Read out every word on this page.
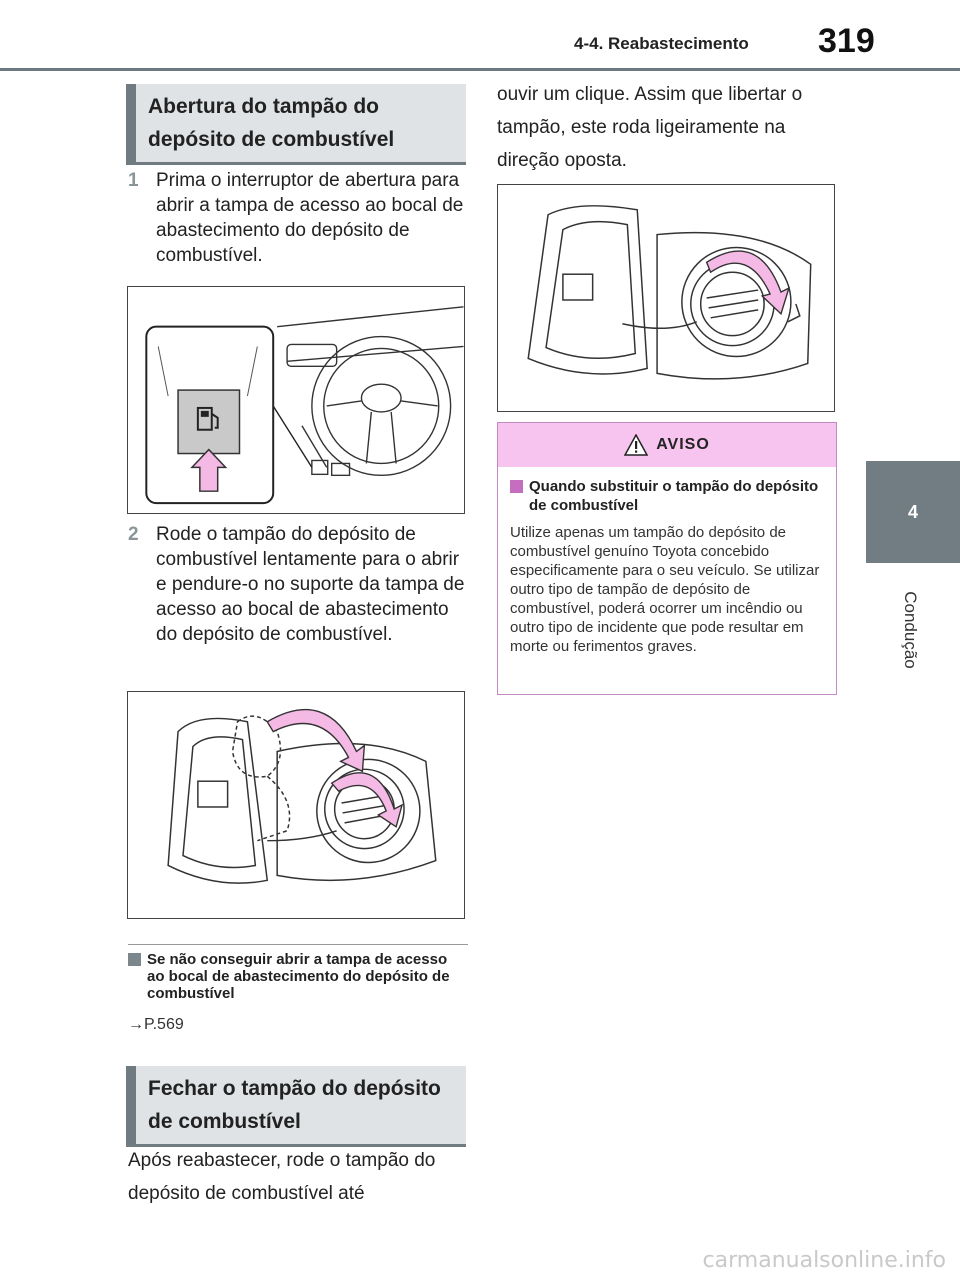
4-4. Reabastecimento 319
4
Condução
Abertura do tampão do depósito de combustível
1 Prima o interruptor de abertura para abrir a tampa de acesso ao bocal de abastecimento do depósito de combustível.
2 Rode o tampão do depósito de combustível lentamente para o abrir e pendure-o no suporte da tampa de acesso ao bocal de abastecimento do depósito de combustível.
Se não conseguir abrir a tampa de acesso ao bocal de abastecimento do depósito de combustível
→P.569
Fechar o tampão do depósito de combustível
Após reabastecer, rode o tampão do depósito de combustível até
ouvir um clique. Assim que libertar o tampão, este roda ligeiramente na direção oposta.
AVISO
Quando substituir o tampão do depósito de combustível
Utilize apenas um tampão do depósito de combustível genuíno Toyota concebido especificamente para o seu veículo. Se utilizar outro tipo de tampão de depósito de combustível, poderá ocorrer um incêndio ou outro tipo de incidente que pode resultar em morte ou ferimentos graves.
carmanualsonline.info
